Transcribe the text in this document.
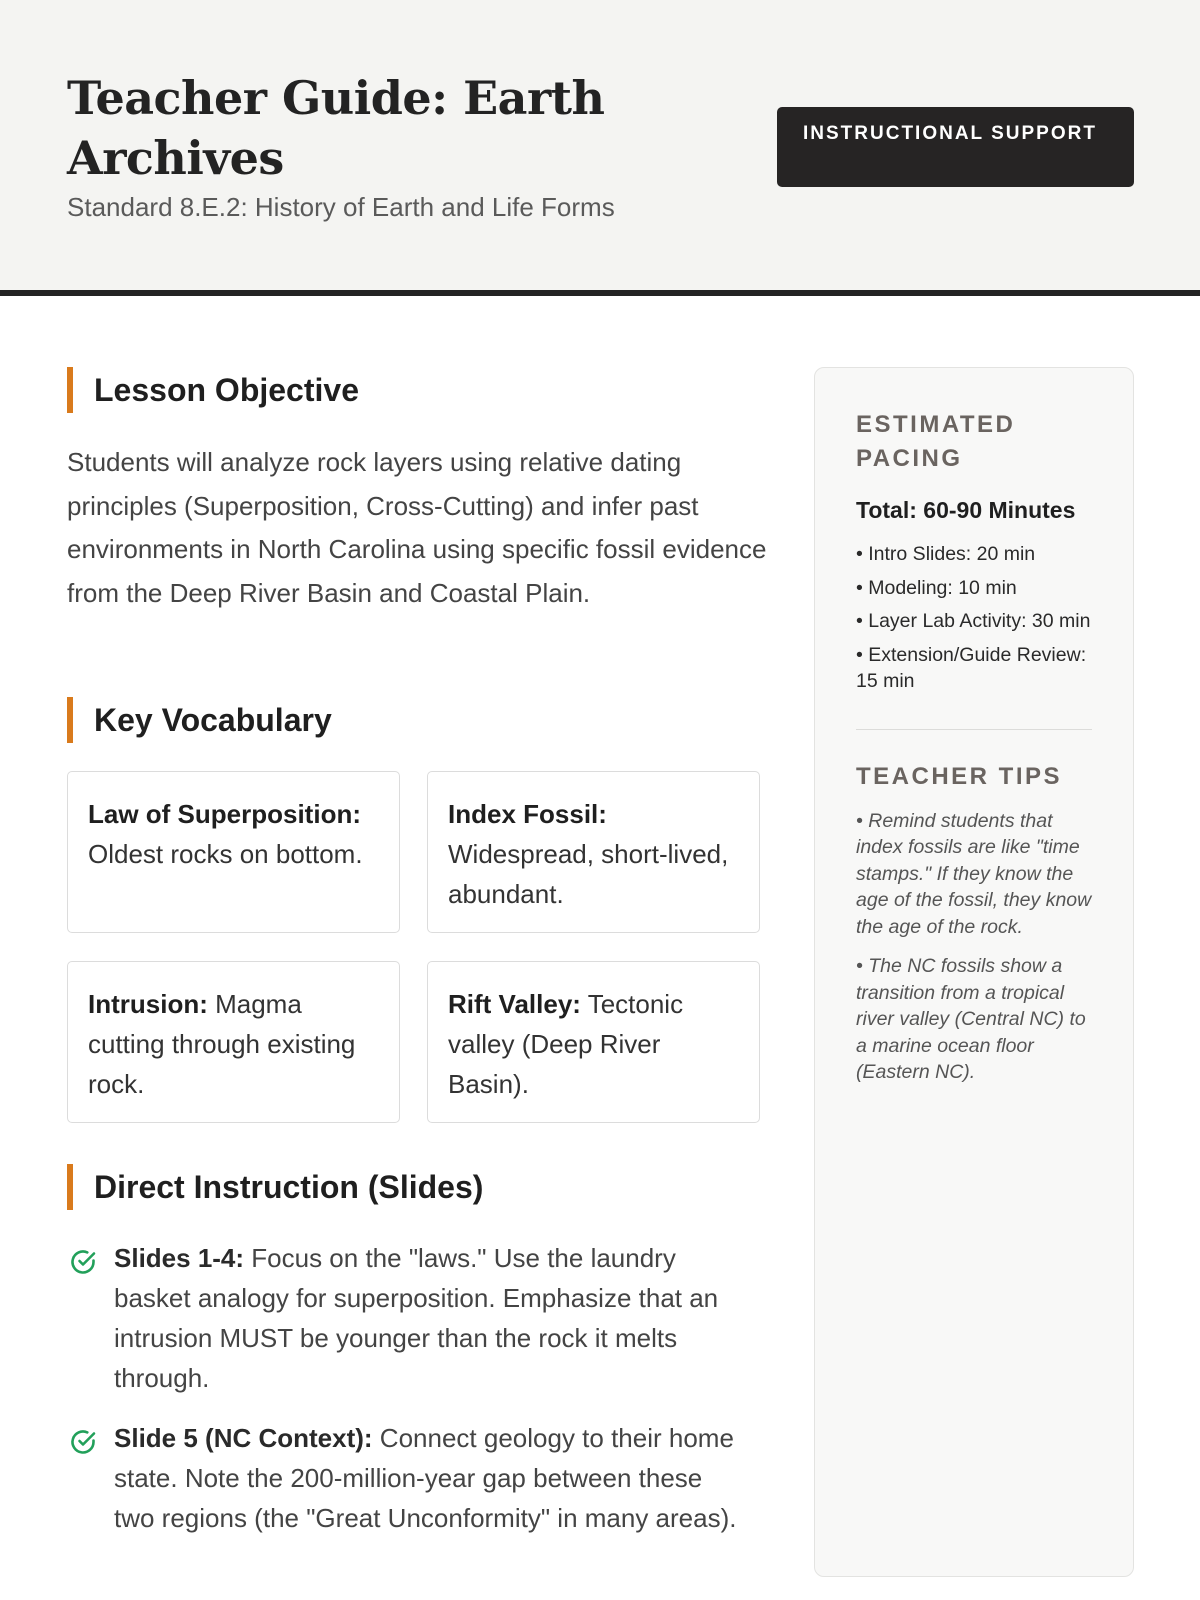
Teacher Guide: Earth Archives
Standard 8.E.2: History of Earth and Life Forms
INSTRUCTIONAL SUPPORT
Lesson Objective

Students will analyze rock layers using relative dating principles (Superposition, Cross-Cutting) and infer past environments in North Carolina using specific fossil evidence from the Deep River Basin and Coastal Plain.

Key Vocabulary
Law of Superposition: Oldest rocks on bottom.
Index Fossil: Widespread, short-lived, abundant.
Intrusion: Magma cutting through existing rock.
Rift Valley: Tectonic valley (Deep River Basin).
Direct Instruction (Slides)

Slides 1-4: Focus on the "laws." Use the laundry basket analogy for superposition. Emphasize that an intrusion MUST be younger than the rock it melts through.

Slide 5 (NC Context): Connect geology to their home state. Note the 200-million-year gap between these two regions (the "Great Unconformity" in many areas).

ESTIMATED PACING
Total: 60-90 Minutes
• Intro Slides: 20 min
• Modeling: 10 min
• Layer Lab Activity: 30 min
• Extension/Guide Review: 15 min
TEACHER TIPS
• Remind students that index fossils are like "time stamps." If they know the age of the fossil, they know the age of the rock.
• The NC fossils show a transition from a tropical river valley (Central NC) to a marine ocean floor (Eastern NC).
